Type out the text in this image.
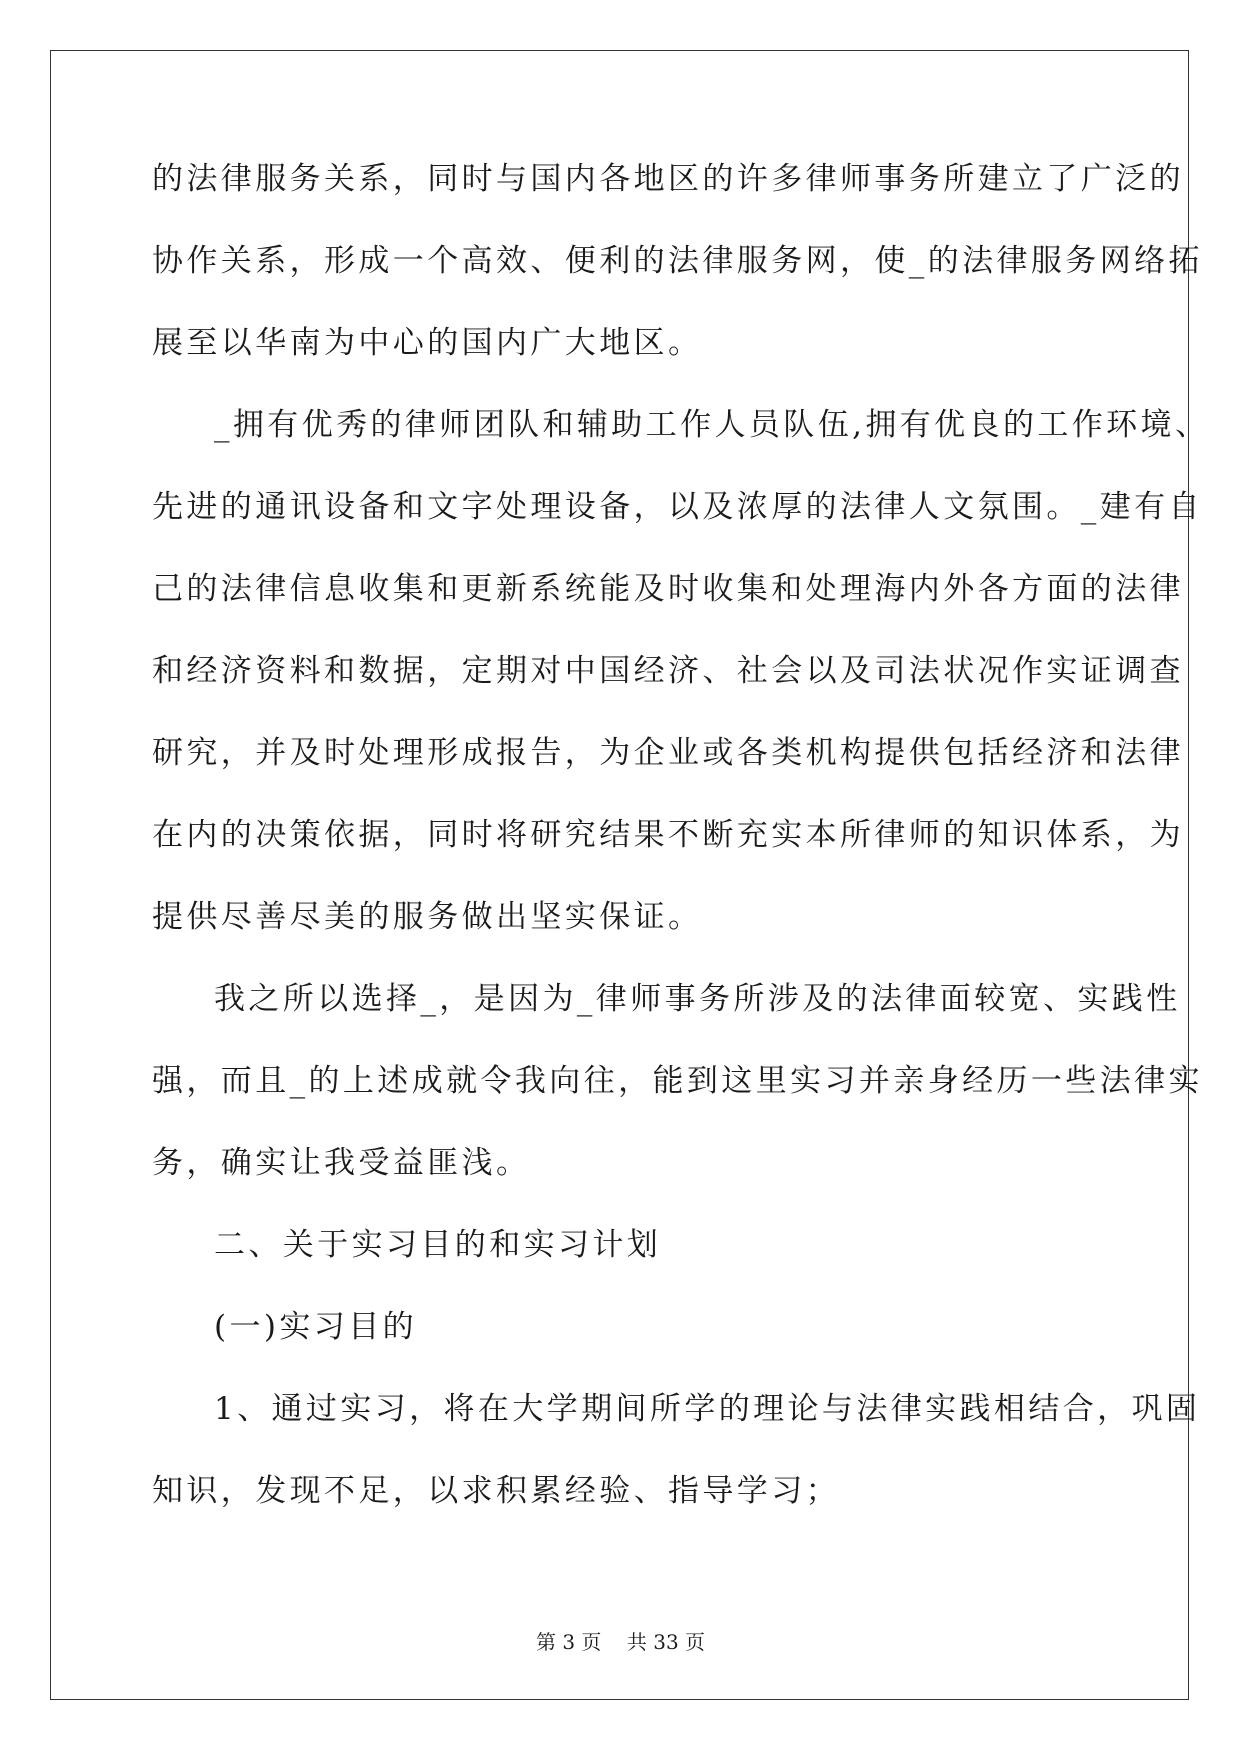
的法律服务关系，同时与国内各地区的许多律师事务所建立了广泛的
协作关系，形成一个高效、便利的法律服务网，使_的法律服务网络拓
展至以华南为中心的国内广大地区。
_拥有优秀的律师团队和辅助工作人员队伍,拥有优良的工作环境、
先进的通讯设备和文字处理设备，以及浓厚的法律人文氛围。_建有自
己的法律信息收集和更新系统能及时收集和处理海内外各方面的法律
和经济资料和数据，定期对中国经济、社会以及司法状况作实证调查
研究，并及时处理形成报告，为企业或各类机构提供包括经济和法律
在内的决策依据，同时将研究结果不断充实本所律师的知识体系，为
提供尽善尽美的服务做出坚实保证。
我之所以选择_，是因为_律师事务所涉及的法律面较宽、实践性
强，而且_的上述成就令我向往，能到这里实习并亲身经历一些法律实
务，确实让我受益匪浅。
二、关于实习目的和实习计划
(一)实习目的
1、通过实习，将在大学期间所学的理论与法律实践相结合，巩固
知识，发现不足，以求积累经验、指导学习；
第 3 页 共 33 页
